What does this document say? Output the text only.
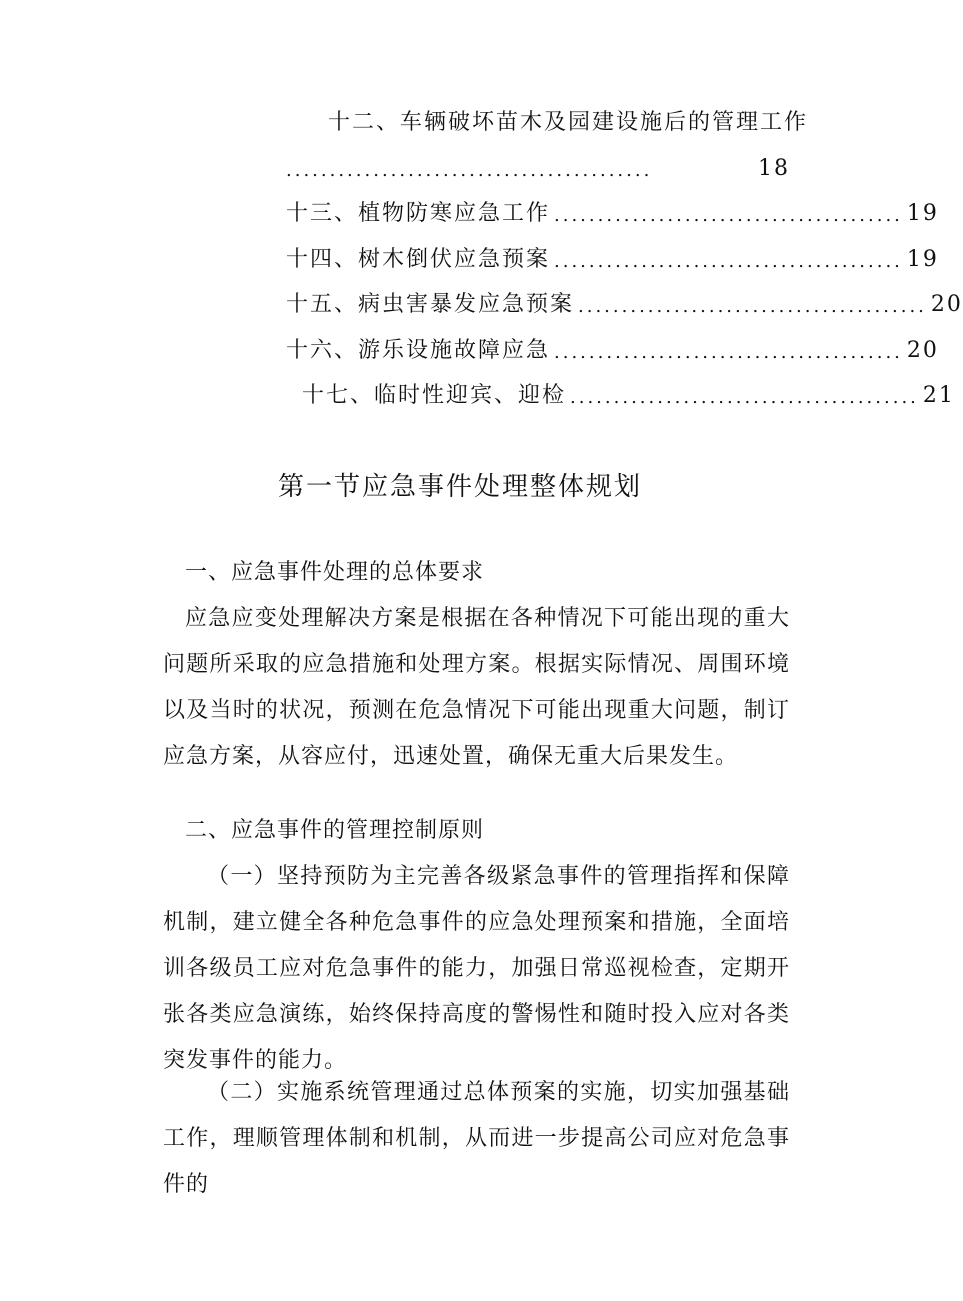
十二、车辆破坏苗木及园建设施后的管理工作
..........................................	18
十三、植物防寒应急工作 ........................................ 19
十四、树木倒伏应急预案 ........................................ 19
十五、病虫害暴发应急预案 ........................................ 20
十六、游乐设施故障应急 ........................................ 20
十七、临时性迎宾、迎检 ........................................ 21
第一节应急事件处理整体规划

一、应急事件处理的总体要求

应急应变处理解决方案是根据在各种情况下可能出现的重大问题所采取的应急措施和处理方案。根据实际情况、周围环境以及当时的状况，预测在危急情况下可能出现重大问题，制订应急方案，从容应付，迅速处置，确保无重大后果发生。

二、应急事件的管理控制原则

（一）坚持预防为主完善各级紧急事件的管理指挥和保障机制，建立健全各种危急事件的应急处理预案和措施，全面培训各级员工应对危急事件的能力，加强日常巡视检查，定期开张各类应急演练，始终保持高度的警惕性和随时投入应对各类突发事件的能力。

（二）实施系统管理通过总体预案的实施，切实加强基础工作，理顺管理体制和机制，从而进一步提高公司应对危急事件的
